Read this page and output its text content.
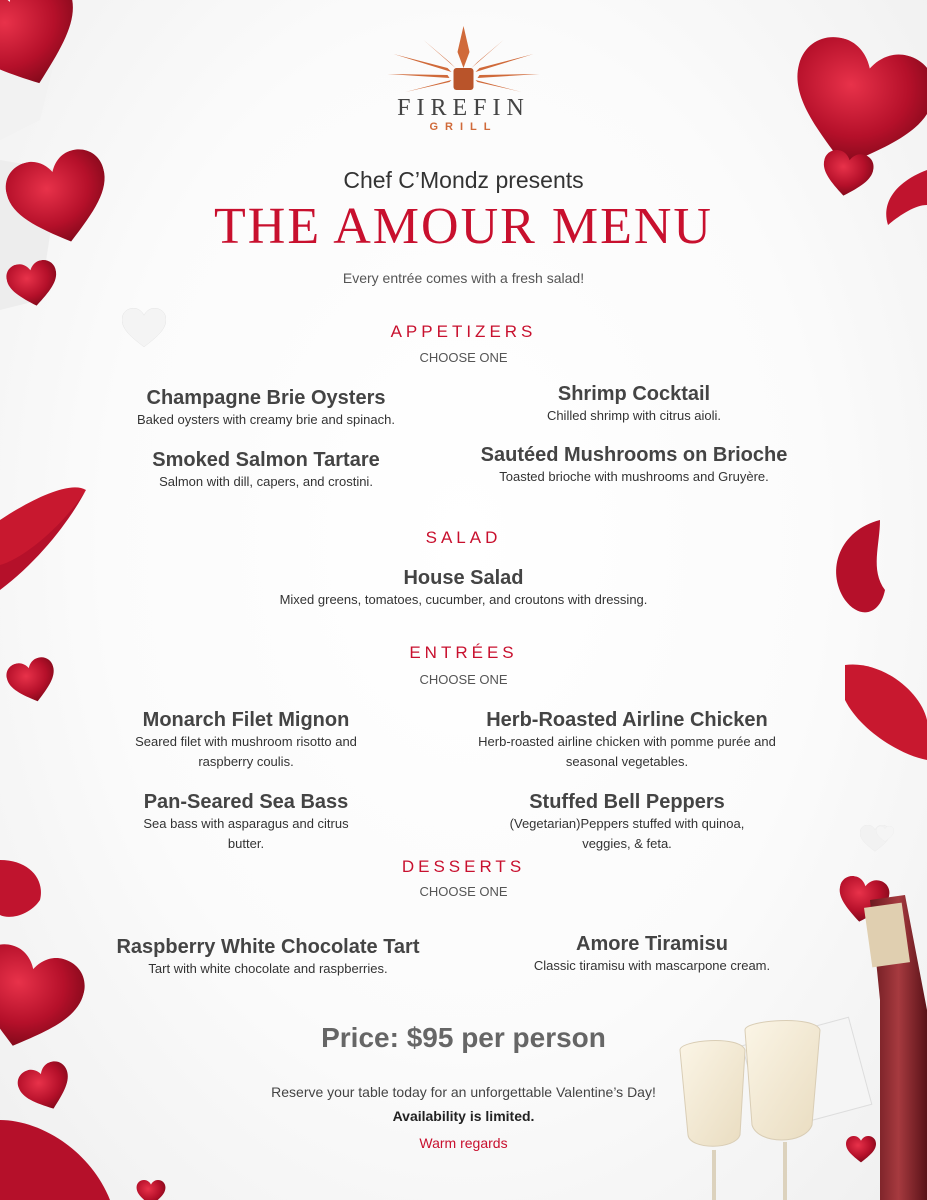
FIREFIN
GRILL
Chef C’Mondz presents
THE AMOUR MENU
Every entrée comes with a fresh salad!
APPETIZERS
CHOOSE ONE
Champagne Brie Oysters
Baked oysters with creamy brie and spinach.
Shrimp Cocktail
Chilled shrimp with citrus aioli.
Smoked Salmon Tartare
Salmon with dill, capers, and crostini.
Sautéed Mushrooms on Brioche
Toasted brioche with mushrooms and Gruyère.
SALAD
House Salad
Mixed greens, tomatoes, cucumber, and croutons with dressing.
ENTRÉES
CHOOSE ONE
Monarch Filet Mignon
Seared filet with mushroom risotto and
raspberry coulis.
Herb-Roasted Airline Chicken
Herb-roasted airline chicken with pomme purée and
seasonal vegetables.
Pan-Seared Sea Bass
Sea bass with asparagus and citrus
butter.
Stuffed Bell Peppers
(Vegetarian)Peppers stuffed with quinoa,
veggies, & feta.
DESSERTS
CHOOSE ONE
Raspberry White Chocolate Tart
Tart with white chocolate and raspberries.
Amore Tiramisu
Classic tiramisu with mascarpone cream.
Price: $95 per person
Reserve your table today for an unforgettable Valentine’s Day!
Availability is limited.
Warm regards
